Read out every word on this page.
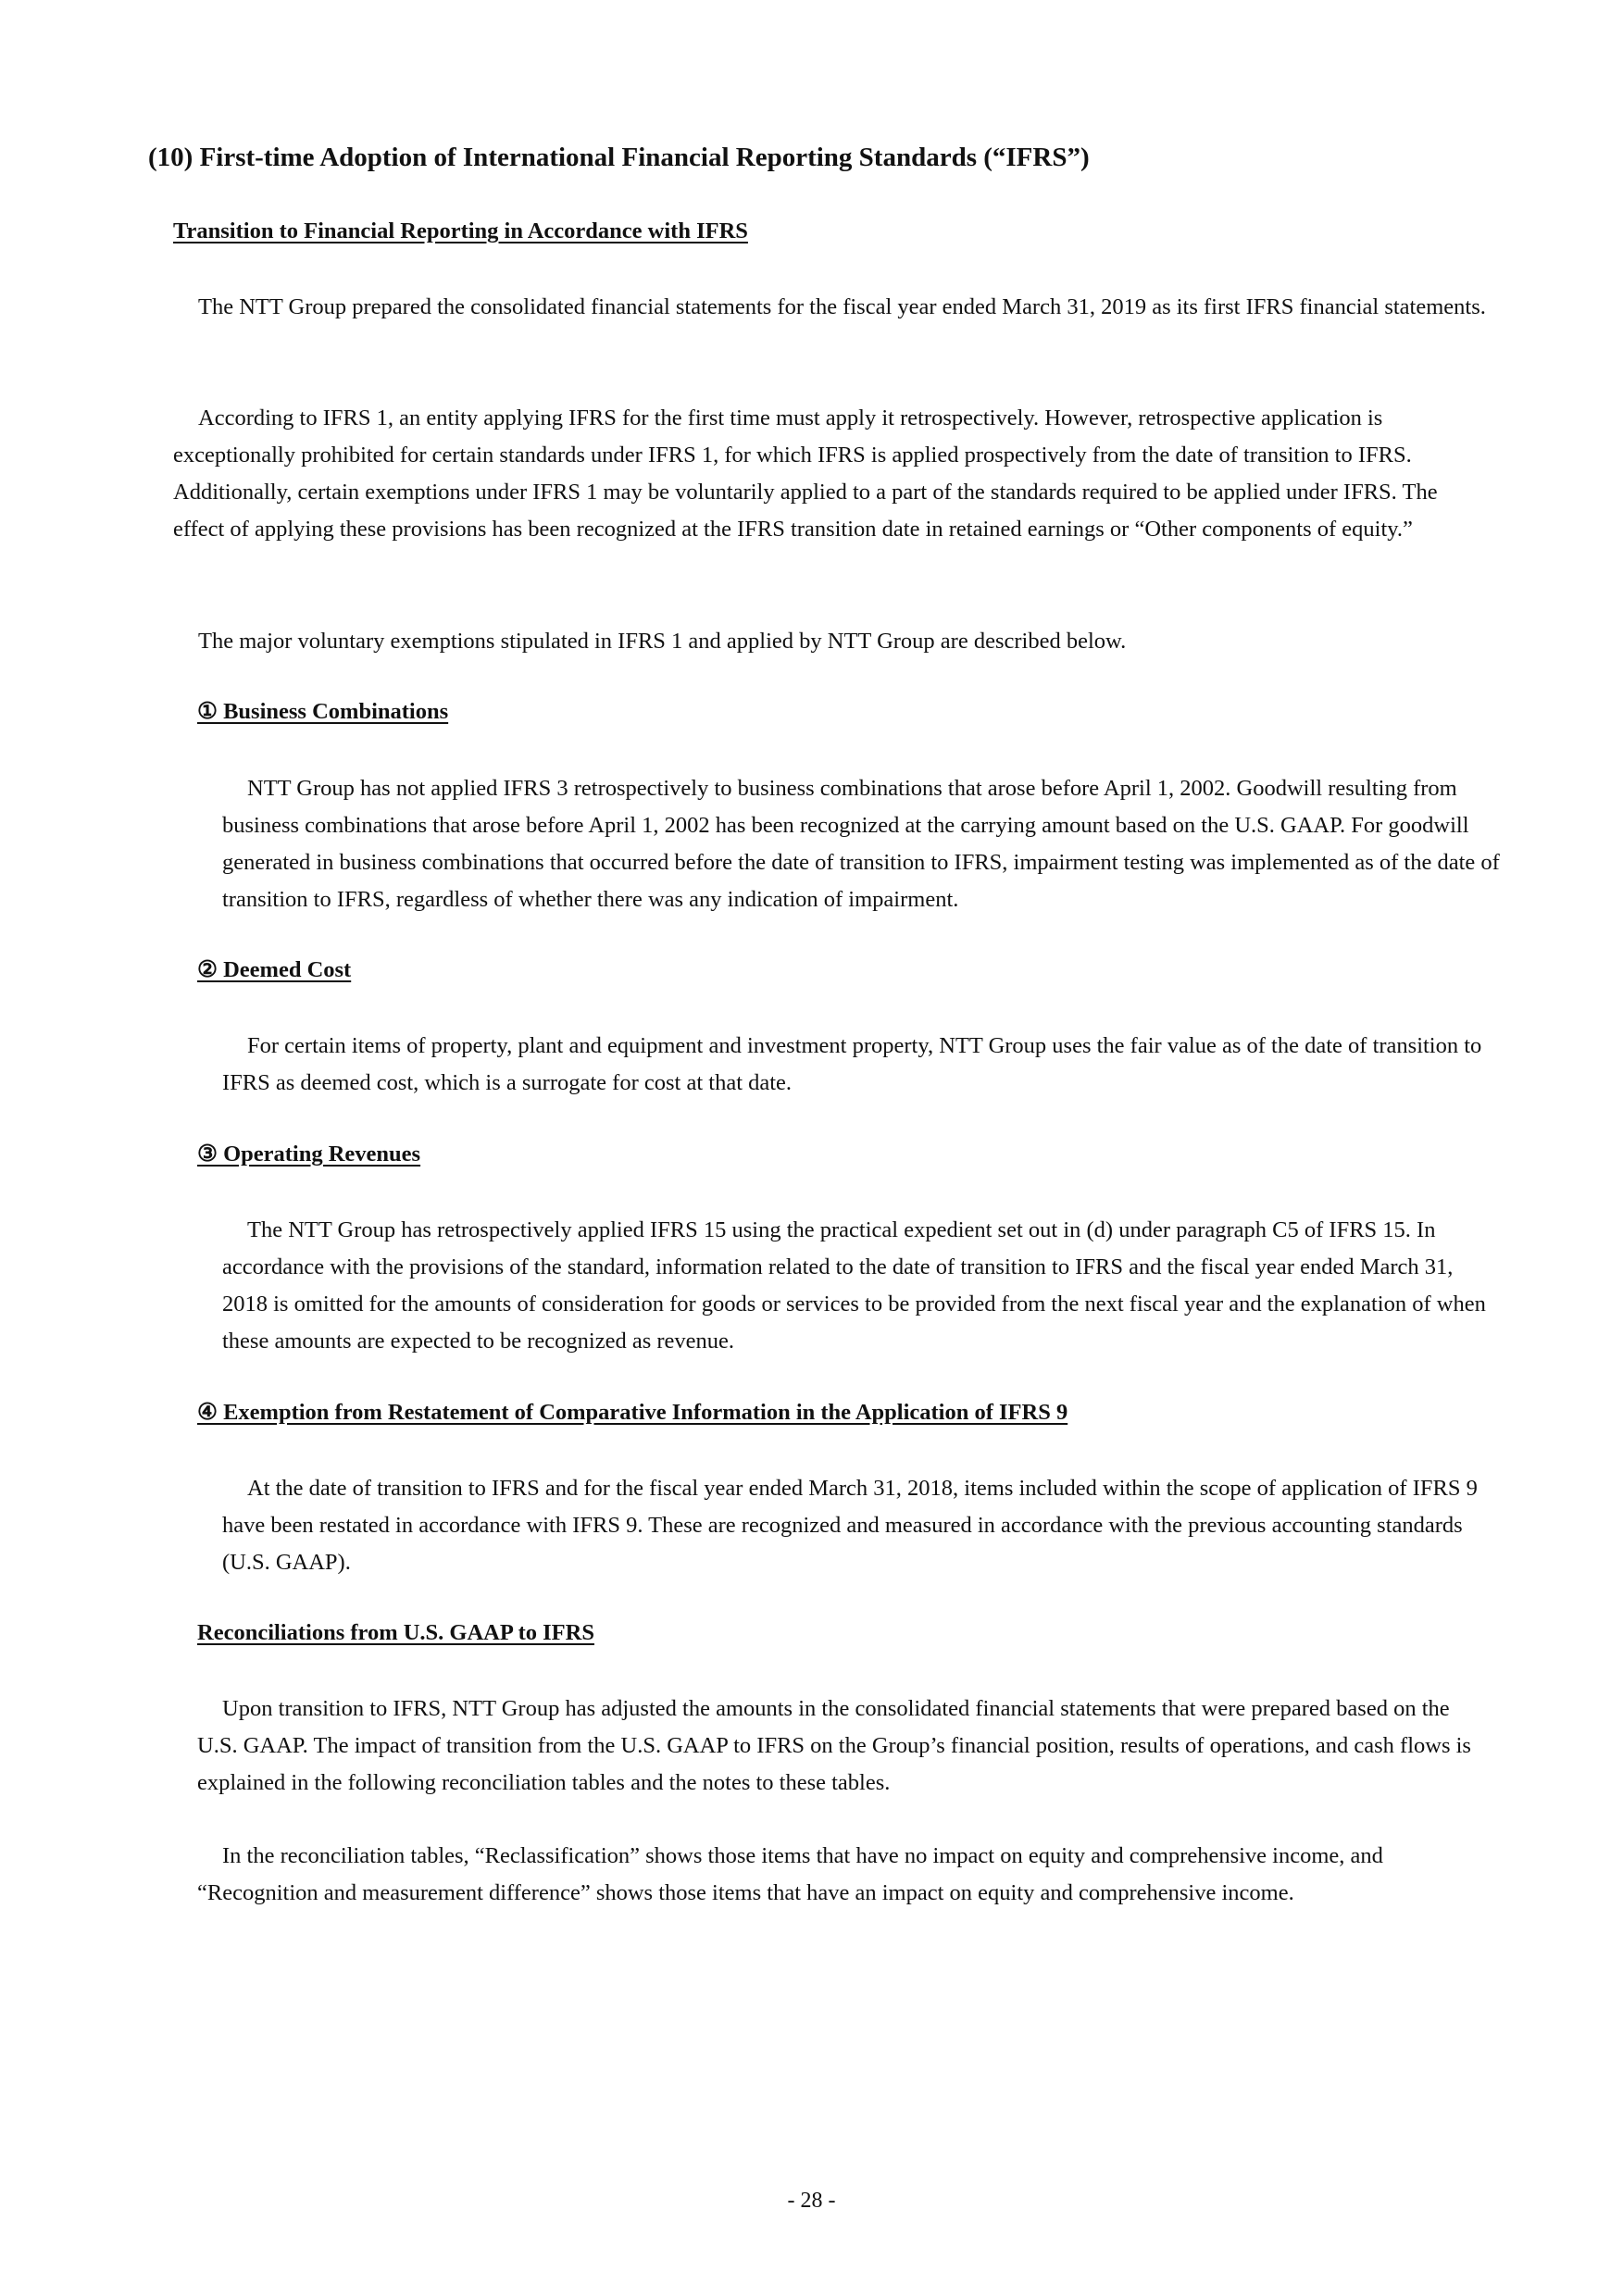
(10) First-time Adoption of International Financial Reporting Standards (“IFRS”)
Transition to Financial Reporting in Accordance with IFRS

The NTT Group prepared the consolidated financial statements for the fiscal year ended March 31, 2019 as its first IFRS financial statements.

According to IFRS 1, an entity applying IFRS for the first time must apply it retrospectively. However, retrospective application is exceptionally prohibited for certain standards under IFRS 1, for which IFRS is applied prospectively from the date of transition to IFRS. Additionally, certain exemptions under IFRS 1 may be voluntarily applied to a part of the standards required to be applied under IFRS. The effect of applying these provisions has been recognized at the IFRS transition date in retained earnings or “Other components of equity.”

The major voluntary exemptions stipulated in IFRS 1 and applied by NTT Group are described below.

① Business Combinations

NTT Group has not applied IFRS 3 retrospectively to business combinations that arose before April 1, 2002. Goodwill resulting from business combinations that arose before April 1, 2002 has been recognized at the carrying amount based on the U.S. GAAP. For goodwill generated in business combinations that occurred before the date of transition to IFRS, impairment testing was implemented as of the date of transition to IFRS, regardless of whether there was any indication of impairment.

② Deemed Cost

For certain items of property, plant and equipment and investment property, NTT Group uses the fair value as of the date of transition to IFRS as deemed cost, which is a surrogate for cost at that date.

③ Operating Revenues

The NTT Group has retrospectively applied IFRS 15 using the practical expedient set out in (d) under paragraph C5 of IFRS 15. In accordance with the provisions of the standard, information related to the date of transition to IFRS and the fiscal year ended March 31, 2018 is omitted for the amounts of consideration for goods or services to be provided from the next fiscal year and the explanation of when these amounts are expected to be recognized as revenue.

④ Exemption from Restatement of Comparative Information in the Application of IFRS 9

At the date of transition to IFRS and for the fiscal year ended March 31, 2018, items included within the scope of application of IFRS 9 have been restated in accordance with IFRS 9. These are recognized and measured in accordance with the previous accounting standards (U.S. GAAP).

Reconciliations from U.S. GAAP to IFRS

Upon transition to IFRS, NTT Group has adjusted the amounts in the consolidated financial statements that were prepared based on the U.S. GAAP. The impact of transition from the U.S. GAAP to IFRS on the Group’s financial position, results of operations, and cash flows is explained in the following reconciliation tables and the notes to these tables.

In the reconciliation tables, “Reclassification” shows those items that have no impact on equity and comprehensive income, and “Recognition and measurement difference” shows those items that have an impact on equity and comprehensive income.

- 28 -
